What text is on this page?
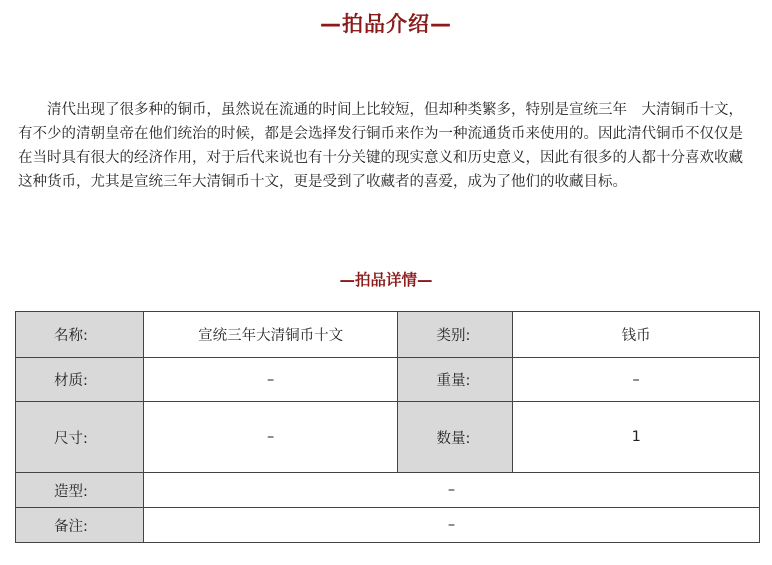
—拍品介绍—

清代出现了很多种的铜币，虽然说在流通的时间上比较短，但却种类繁多，特别是宣统三年　大清铜币十文，有不少的清朝皇帝在他们统治的时候，都是会选择发行铜币来作为一种流通货币来使用的。因此清代铜币不仅仅是在当时具有很大的经济作用，对于后代来说也有十分关键的现实意义和历史意义，因此有很多的人都十分喜欢收藏这种货币，尤其是宣统三年大清铜币十文，更是受到了收藏者的喜爱，成为了他们的收藏目标。

—拍品详情—
名称:	宣统三年大清铜币十文	类别:	钱币
材质:	–	重量:	–
尺寸:	–	数量:	1
造型:	–		
备注:	–		
